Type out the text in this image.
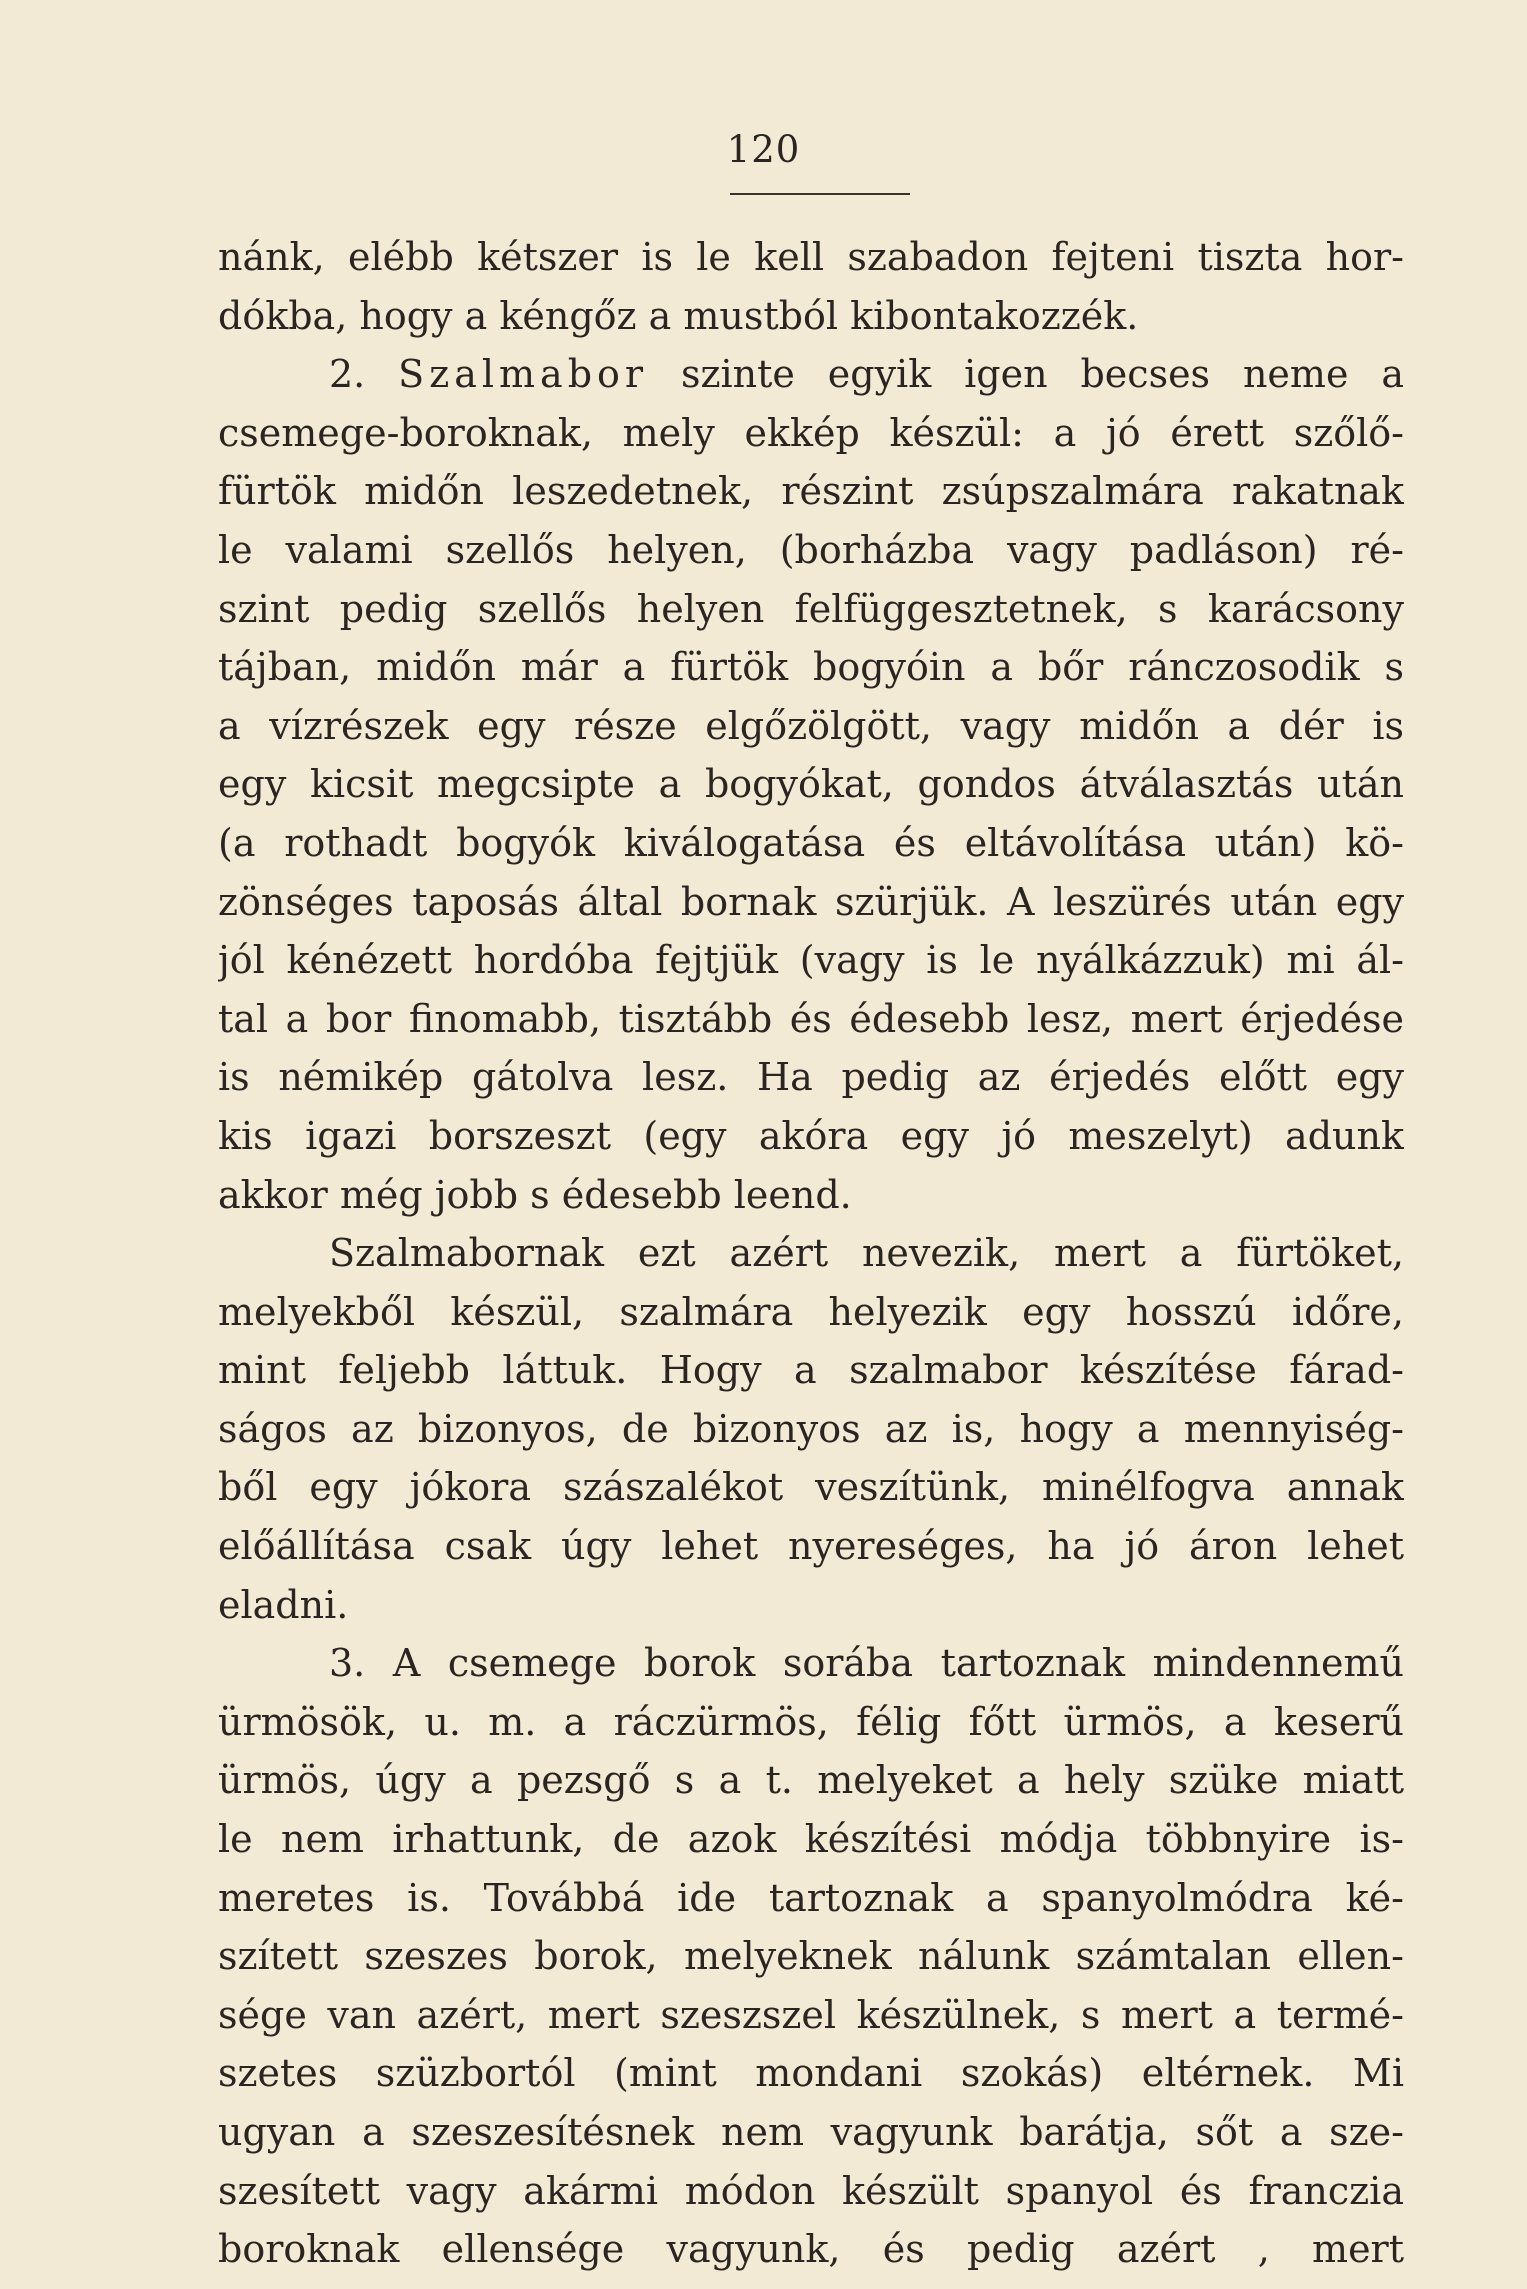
120
nánk, elébb kétszer is le kell szabadon fejteni tiszta hor-
dókba, hogy a kéngőz a mustból kibontakozzék.
2. Szalmabor szinte egyik igen becses neme a
csemege-boroknak, mely ekkép készül: a jó érett szőlő-
fürtök midőn leszedetnek, részint zsúpszalmára rakatnak
le valami szellős helyen, (borházba vagy padláson) ré-
szint pedig szellős helyen felfüggesztetnek, s karácsony
tájban, midőn már a fürtök bogyóin a bőr ránczosodik s
a vízrészek egy része elgőzölgött, vagy midőn a dér is
egy kicsit megcsipte a bogyókat, gondos átválasztás után
(a rothadt bogyók kiválogatása és eltávolítása után) kö-
zönséges taposás által bornak szürjük. A leszürés után egy
jól kénézett hordóba fejtjük (vagy is le nyálkázzuk) mi ál-
tal a bor finomabb, tisztább és édesebb lesz, mert érjedése
is némikép gátolva lesz. Ha pedig az érjedés előtt egy
kis igazi borszeszt (egy akóra egy jó meszelyt) adunk
akkor még jobb s édesebb leend.
Szalmabornak ezt azért nevezik, mert a fürtöket,
melyekből készül, szalmára helyezik egy hosszú időre,
mint feljebb láttuk. Hogy a szalmabor készítése fárad-
ságos az bizonyos, de bizonyos az is, hogy a mennyiség-
ből egy jókora szászalékot veszítünk, minélfogva annak
előállítása csak úgy lehet nyereséges, ha jó áron lehet
eladni.
3. A csemege borok sorába tartoznak mindennemű
ürmösök, u. m. a ráczürmös, félig főtt ürmös, a keserű
ürmös, úgy a pezsgő s a t. melyeket a hely szüke miatt
le nem irhattunk, de azok készítési módja többnyire is-
meretes is. Továbbá ide tartoznak a spanyolmódra ké-
szített szeszes borok, melyeknek nálunk számtalan ellen-
sége van azért, mert szeszszel készülnek, s mert a termé-
szetes szüzbortól (mint mondani szokás) eltérnek. Mi
ugyan a szeszesítésnek nem vagyunk barátja, sőt a sze-
szesített vagy akármi módon készült spanyol és franczia
boroknak ellensége vagyunk, és pedig azért , mert
